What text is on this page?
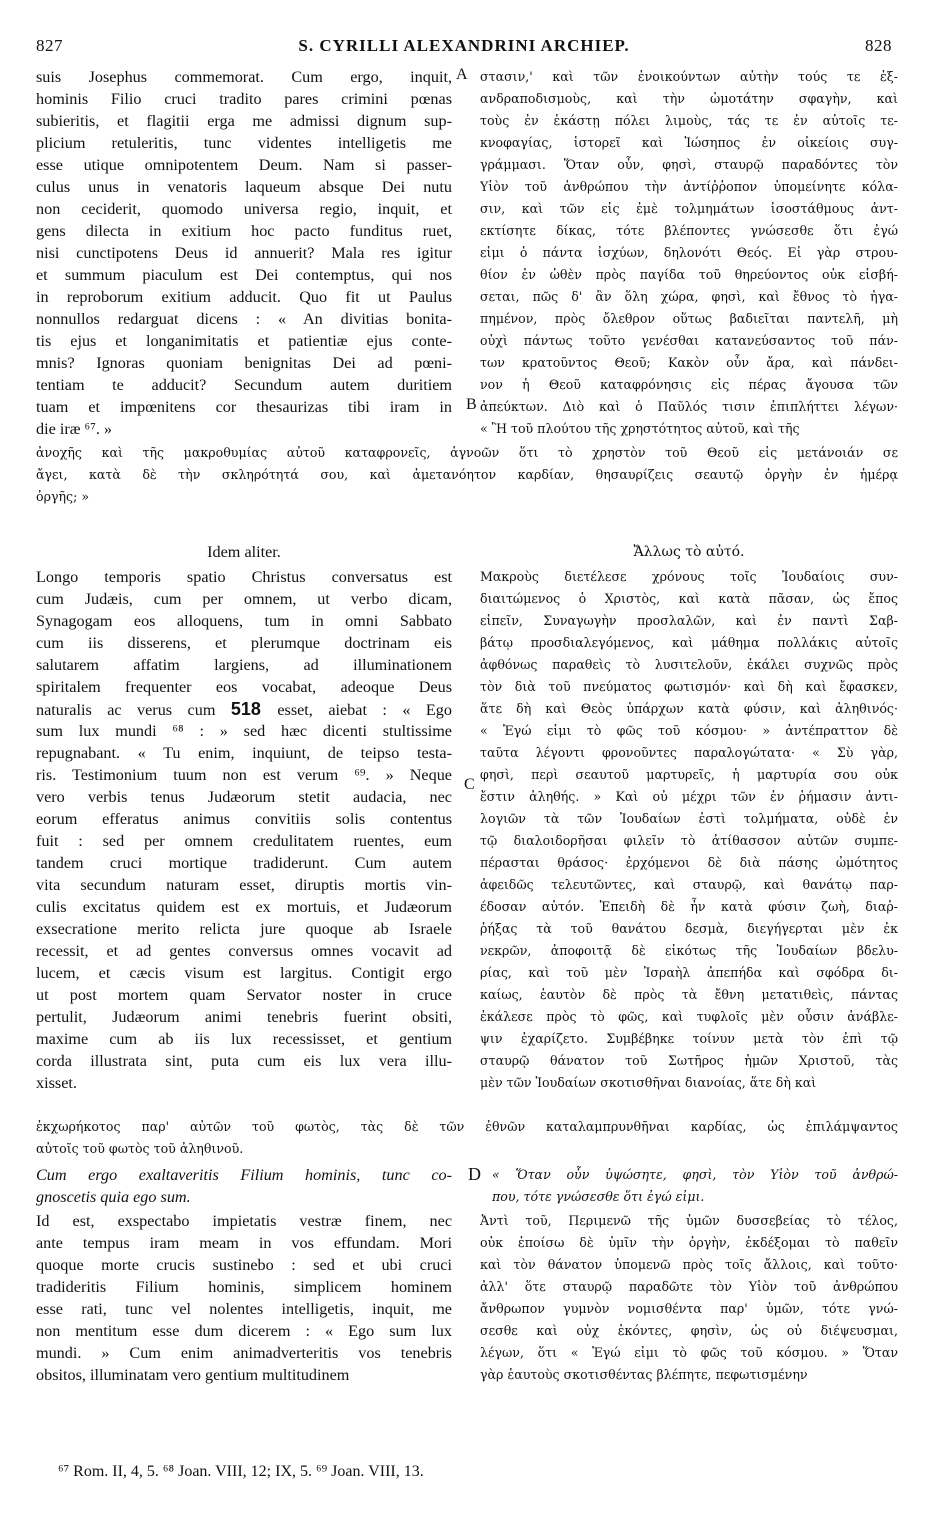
827	S. CYRILLI ALEXANDRINI ARCHIEP.	828
suis Josephus commemorat. Cum ergo, inquit,
hominis Filio cruci tradito pares crimini pœnas
subieritis, et flagitii erga me admissi dignum sup-
plicium retuleritis, tunc videntes intelligetis me
esse utique omnipotentem Deum. Nam si passer-
culus unus in venatoris laqueum absque Dei nutu
non ceciderit, quomodo universa regio, inquit, et
gens dilecta in exitium hoc pacto funditus ruet,
nisi cunctipotens Deus id annuerit? Mala res igitur
et summum piaculum est Dei contemptus, qui nos
in reproborum exitium adducit. Quo fit ut Paulus
nonnullos redarguat dicens : « An divitias bonita-
tis ejus et longanimitatis et patientiæ ejus conte-
mnis? Ignoras quoniam benignitas Dei ad pœni-
tentiam te adducit? Secundum autem duritiem
tuam et impœnitens cor thesaurizas tibi iram in
die iræ ⁶⁷. »
στασιν,' καὶ τῶν ἐνοικούντων αὐτὴν τούς τε ἐξ-
ανδραποδισμοὺς, καὶ τὴν ὠμοτάτην σφαγὴν, καὶ
τοὺς ἐν ἑκάστῃ πόλει λιμοὺς, τάς τε ἐν αὐτοῖς τε-
κνοφαγίας, ἱστορεῖ καὶ Ἰώσηπος ἐν οἰκείοις συγ-
γράμμασι. Ὅταν οὖν, φησὶ, σταυρῷ παραδόντες τὸν
Υἱὸν τοῦ ἀνθρώπου τὴν ἀντίῤῥοπον ὑπομείνητε κόλα-
σιν, καὶ τῶν εἰς ἐμὲ τολμημάτων ἰσοστάθμους ἀντ-
εκτίσητε δίκας, τότε βλέποντες γνώσεσθε ὅτι ἐγώ
εἰμι ὁ πάντα ἰσχύων, δηλονότι Θεός. Εἰ γὰρ στρου-
θίον ἐν ὠθὲν πρὸς παγίδα τοῦ θηρεύοντος οὐκ εἰσβή-
σεται, πῶς δ' ἂν ὅλη χώρα, φησὶ, καὶ ἔθνος τὸ ἠγα-
πημένον, πρὸς ὄλεθρον οὕτως βαδιεῖται παντελῆ, μὴ
οὐχὶ πάντως τοῦτο γενέσθαι κατανεύσαντος τοῦ πάν-
των κρατοῦντος Θεοῦ; Κακὸν οὖν ἄρα, καὶ πάνδει-
νον ἡ Θεοῦ καταφρόνησις εἰς πέρας ἄγουσα τῶν
ἀπεύκτων. Διὸ καὶ ὁ Παῦλός τισιν ἐπιπλήττει λέγων·
« Ἢ τοῦ πλούτου τῆς χρηστότητος αὐτοῦ, καὶ τῆς
A
B
ἀνοχῆς καὶ τῆς μακροθυμίας αὐτοῦ καταφρονεῖς, ἀγνοῶν ὅτι τὸ χρηστὸν τοῦ Θεοῦ εἰς μετάνοιάν σε
ἄγει, κατὰ δὲ τὴν σκληρότητά σου, καὶ ἀμετανόητον καρδίαν, θησαυρίζεις σεαυτῷ ὀργὴν ἐν ἡμέρᾳ
ὀργῆς; »
Idem aliter.	Ἄλλως τὸ αὐτό.
Longo temporis spatio Christus conversatus est
cum Judæis, cum per omnem, ut verbo dicam,
Synagogam eos alloquens, tum in omni Sabbato
cum iis disserens, et plerumque doctrinam eis
salutarem affatim largiens, ad illuminationem
spiritalem frequenter eos vocabat, adeoque Deus
naturalis ac verus cum 518 esset, aiebat : « Ego
sum lux mundi ⁶⁸ : » sed hæc dicenti stultissime
repugnabant. « Tu enim, inquiunt, de teipso testa-
ris. Testimonium tuum non est verum ⁶⁹. » Neque
vero verbis tenus Judæorum stetit audacia, nec
eorum efferatus animus convitiis solis contentus
fuit : sed per omnem credulitatem ruentes, eum
tandem cruci mortique tradiderunt. Cum autem
vita secundum naturam esset, diruptis mortis vin-
culis excitatus quidem est ex mortuis, et Judæorum
exsecratione merito relicta jure quoque ab Israele
recessit, et ad gentes conversus omnes vocavit ad
lucem, et cæcis visum est largitus. Contigit ergo
ut post mortem quam Servator noster in cruce
pertulit, Judæorum animi tenebris fuerint obsiti,
maxime cum ab iis lux recessisset, et gentium
corda illustrata sint, puta cum eis lux vera illu-
xisset.
Μακροὺς διετέλεσε χρόνους τοῖς Ἰουδαίοις συν-
διαιτώμενος ὁ Χριστὸς, καὶ κατὰ πᾶσαν, ὡς ἔπος
εἰπεῖν, Συναγωγὴν προσλαλῶν, καὶ ἐν παντὶ Σαβ-
βάτῳ προσδιαλεγόμενος, καὶ μάθημα πολλάκις αὐτοῖς
ἀφθόνως παραθεὶς τὸ λυσιτελοῦν, ἐκάλει συχνῶς πρὸς
τὸν διὰ τοῦ πνεύματος φωτισμόν· καὶ δὴ καὶ ἔφασκεν,
ἅτε δὴ καὶ Θεὸς ὑπάρχων κατὰ φύσιν, καὶ ἀληθινός·
« Ἐγώ εἰμι τὸ φῶς τοῦ κόσμου· » ἀντέπραττον δὲ
ταῦτα λέγοντι φρονοῦντες παραλογώτατα· « Σὺ γὰρ,
φησὶ, περὶ σεαυτοῦ μαρτυρεῖς, ἡ μαρτυρία σου οὐκ
ἔστιν ἀληθής. » Καὶ οὐ μέχρι τῶν ἐν ῥήμασιν ἀντι-
λογιῶν τὰ τῶν Ἰουδαίων ἐστὶ τολμήματα, οὐδὲ ἐν
τῷ διαλοιδορῆσαι φιλεῖν τὸ ἀτίθασσον αὐτῶν συμπε-
πέρασται θράσος· ἐρχόμενοι δὲ διὰ πάσης ὠμότητος
ἀφειδῶς τελευτῶντες, καὶ σταυρῷ, καὶ θανάτῳ παρ-
έδοσαν αὐτόν. Ἐπειδὴ δὲ ἦν κατὰ φύσιν ζωὴ, διαῤ-
ῥήξας τὰ τοῦ θανάτου δεσμὰ, διεγήγερται μὲν ἐκ
νεκρῶν, ἀποφοιτᾷ δὲ εἰκότως τῆς Ἰουδαίων βδελυ-
ρίας, καὶ τοῦ μὲν Ἰσραὴλ ἀπεπήδα καὶ σφόδρα δι-
καίως, ἑαυτὸν δὲ πρὸς τὰ ἔθνη μετατιθεὶς, πάντας
ἐκάλεσε πρὸς τὸ φῶς, καὶ τυφλοῖς μὲν οὖσιν ἀνάβλε-
ψιν ἐχαρίζετο. Συμβέβηκε τοίνυν μετὰ τὸν ἐπὶ τῷ
σταυρῷ θάνατον τοῦ Σωτῆρος ἡμῶν Χριστοῦ, τὰς
μὲν τῶν Ἰουδαίων σκοτισθῆναι διανοίας, ἅτε δὴ καὶ
C
ἐκχωρήκοτος παρ' αὐτῶν τοῦ φωτὸς, τὰς δὲ τῶν ἐθνῶν καταλαμπρυνθῆναι καρδίας, ὡς ἐπιλάμψαντος
αὐτοῖς τοῦ φωτὸς τοῦ ἀληθινοῦ.
Cum ergo exaltaveritis Filium hominis, tunc co-
gnoscetis quia ego sum.
« Ὅταν οὖν ὑψώσητε, φησὶ, τὸν Υἱὸν τοῦ ἀνθρώ-
που, τότε γνώσεσθε ὅτι ἐγώ εἰμι.
D
Id est, exspectabo impietatis vestræ finem, nec
ante tempus iram meam in vos effundam. Mori
quoque morte crucis sustinebo : sed et ubi cruci
tradideritis Filium hominis, simplicem hominem
esse rati, tunc vel nolentes intelligetis, inquit, me
non mentitum esse dum dicerem : « Ego sum lux
mundi. » Cum enim animadverteritis vos tenebris
obsitos, illuminatam vero gentium multitudinem
Ἀντὶ τοῦ, Περιμενῶ τῆς ὑμῶν δυσσεβείας τὸ τέλος,
οὐκ ἐποίσω δὲ ὑμῖν τὴν ὀργὴν, ἐκδέξομαι τὸ παθεῖν
καὶ τὸν θάνατον ὑπομενῶ πρὸς τοῖς ἄλλοις, καὶ τοῦτο·
ἀλλ' ὅτε σταυρῷ παραδῶτε τὸν Υἱὸν τοῦ ἀνθρώπου
ἄνθρωπον γυμνὸν νομισθέντα παρ' ὑμῶν, τότε γνώ-
σεσθε καὶ οὐχ ἑκόντες, φησὶν, ὡς οὐ διέψευσμαι,
λέγων, ὅτι « Ἐγώ εἰμι τὸ φῶς τοῦ κόσμου. » Ὅταν
γὰρ ἑαυτοὺς σκοτισθέντας βλέπητε, πεφωτισμένην
⁶⁷ Rom. II, 4, 5. ⁶⁸ Joan. VIII, 12; IX, 5. ⁶⁹ Joan. VIII, 13.
